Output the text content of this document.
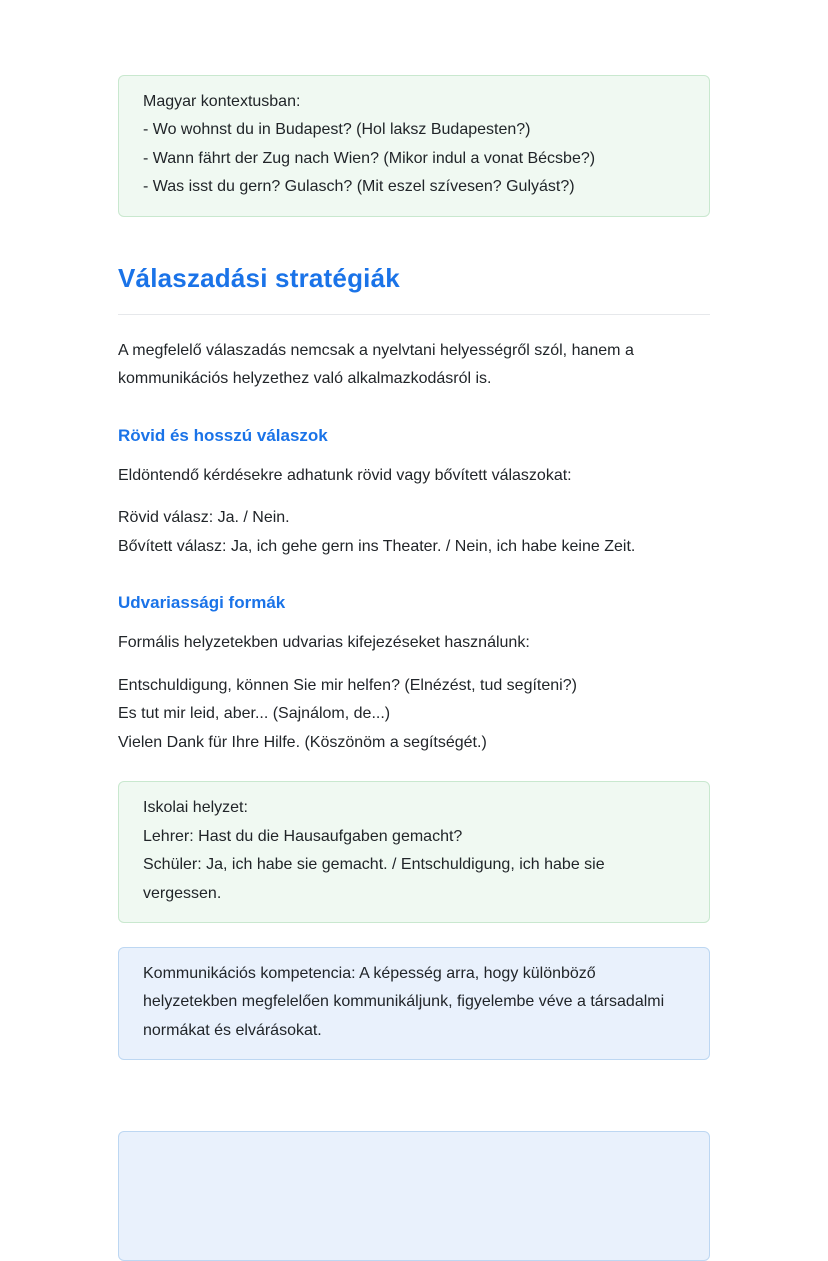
Magyar kontextusban:
- Wo wohnst du in Budapest? (Hol laksz Budapesten?)
- Wann fährt der Zug nach Wien? (Mikor indul a vonat Bécsbe?)
- Was isst du gern? Gulasch? (Mit eszel szívesen? Gulyást?)
Válaszadási stratégiák

A megfelelő válaszadás nemcsak a nyelvtani helyességről szól, hanem a kommunikációs helyzethez való alkalmazkodásról is.

Rövid és hosszú válaszok

Eldöntendő kérdésekre adhatunk rövid vagy bővített válaszokat:

Rövid válasz: Ja. / Nein.
Bővített válasz: Ja, ich gehe gern ins Theater. / Nein, ich habe keine Zeit.
Udvariassági formák

Formális helyzetekben udvarias kifejezéseket használunk:

Entschuldigung, können Sie mir helfen? (Elnézést, tud segíteni?)
Es tut mir leid, aber... (Sajnálom, de...)
Vielen Dank für Ihre Hilfe. (Köszönöm a segítségét.)
Iskolai helyzet:
Lehrer: Hast du die Hausaufgaben gemacht?
Schüler: Ja, ich habe sie gemacht. / Entschuldigung, ich habe sie vergessen.
Kommunikációs kompetencia: A képesség arra, hogy különböző helyzetekben megfelelően kommunikáljunk, figyelembe véve a társadalmi normákat és elvárásokat.
